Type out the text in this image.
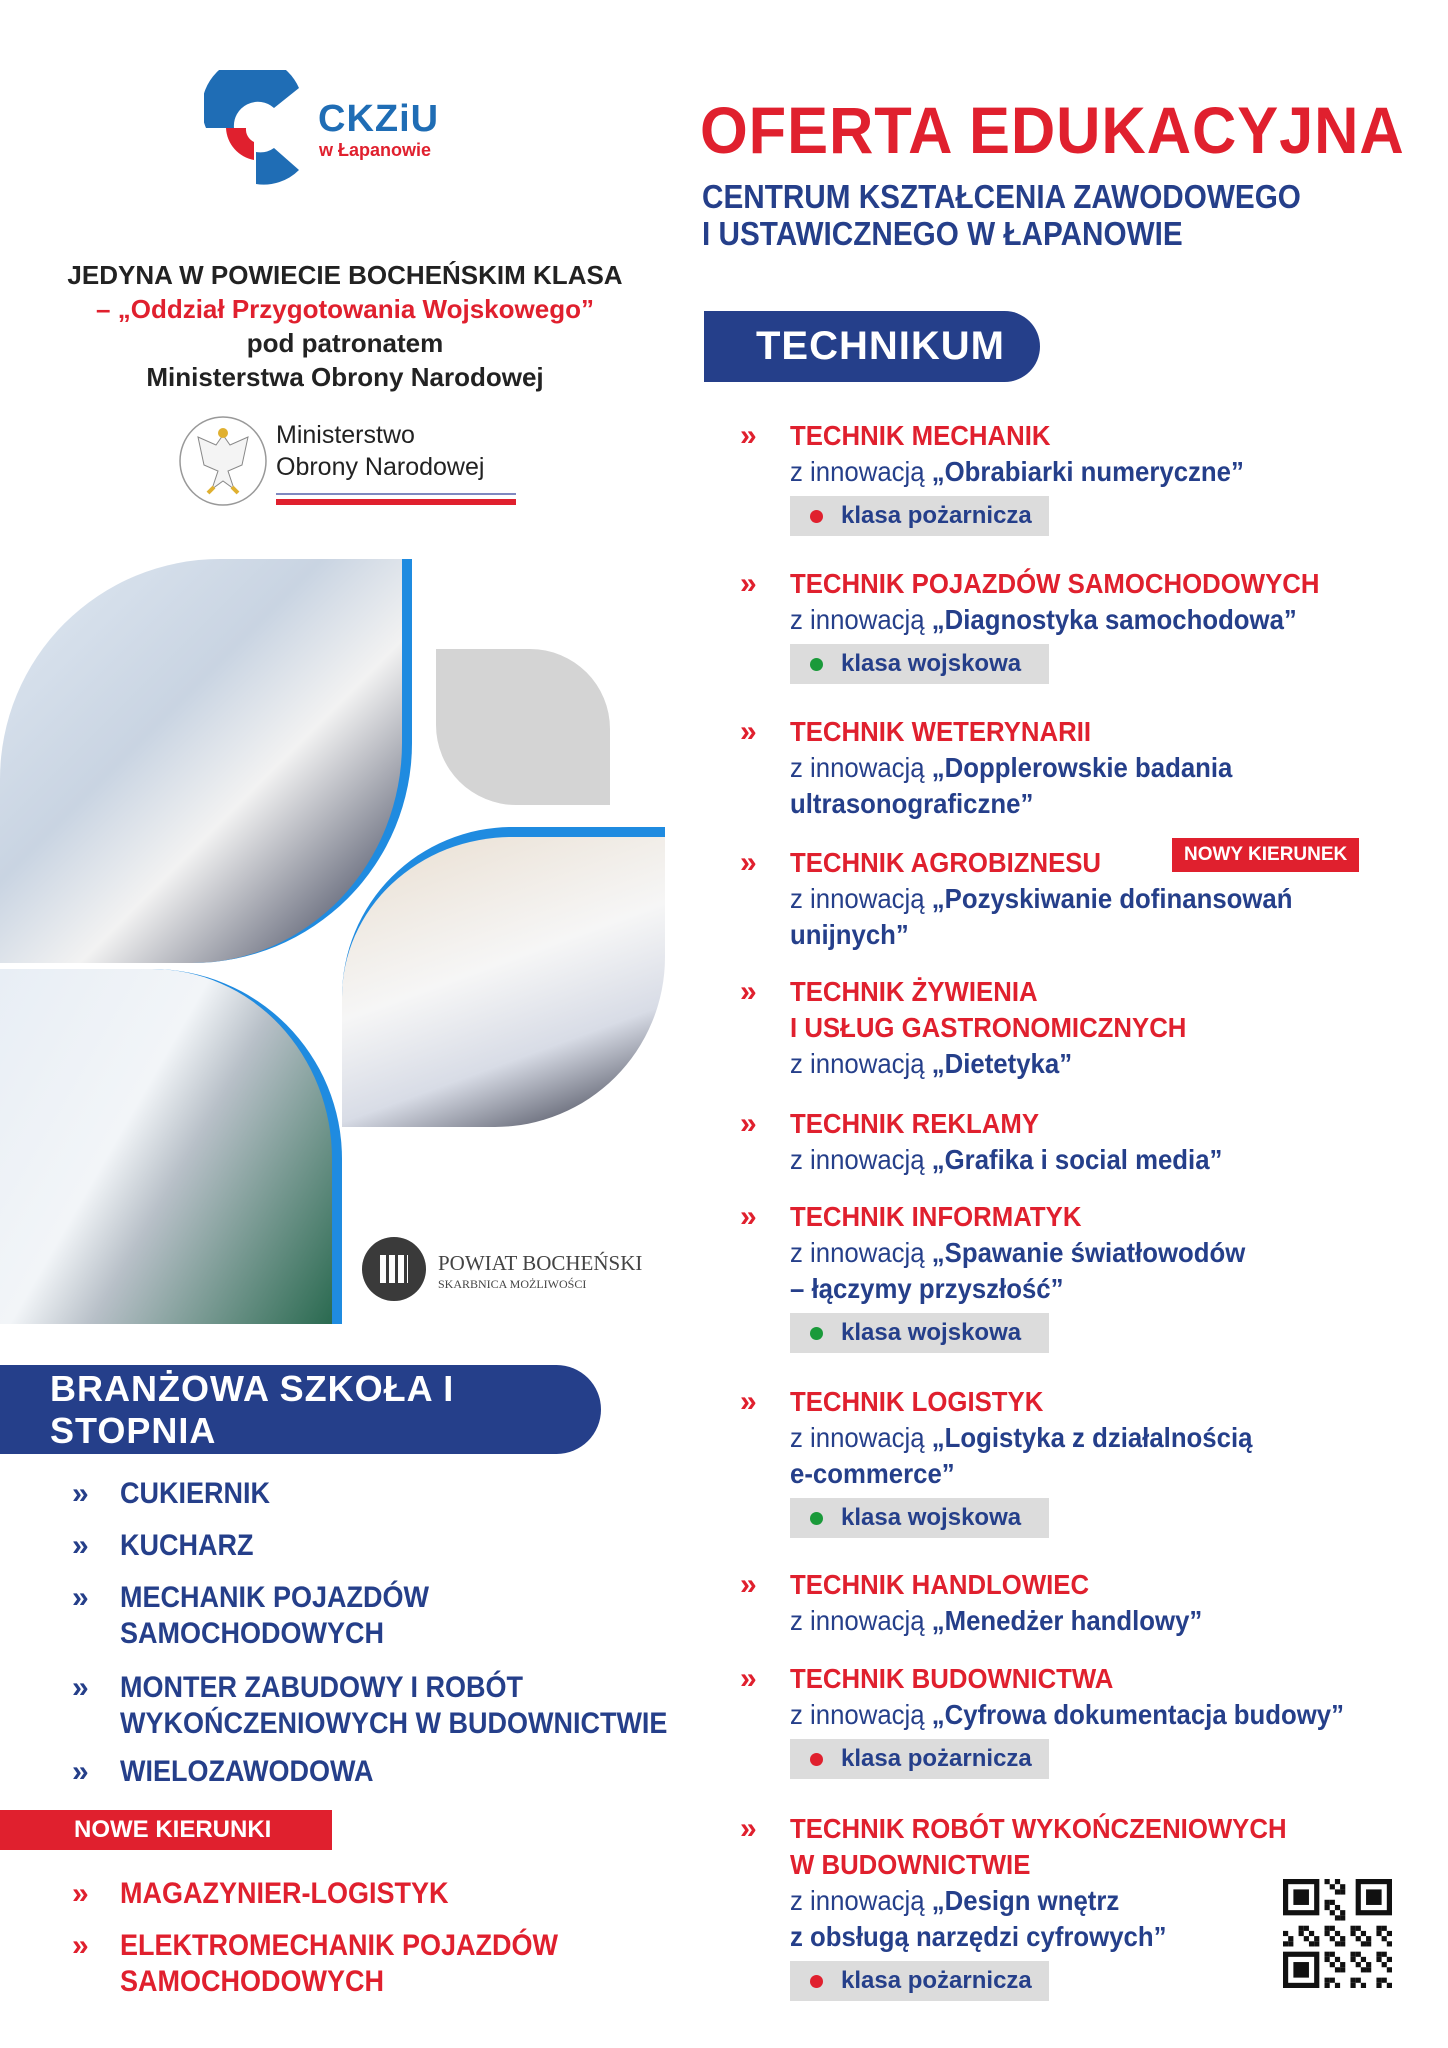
CKZiU
w Łapanowie	OFERTA EDUKACYJNA
CENTRUM KSZTAŁCENIA ZAWODOWEGO
I USTAWICZNEGO W ŁAPANOWIE
JEDYNA W POWIECIE BOCHEŃSKIM KLASA
– „Oddział Przygotowania Wojskowego”
pod patronatem
Ministerstwa Obrony Narodowej
Ministerstwo
Obrony Narodowej
POWIAT BOCHEŃSKI
SKARBNICA MOŻLIWOŚCI
TECHNIKUM
» TECHNIK MECHANIK
z innowacją „Obrabiarki numeryczne”
klasa pożarnicza
» TECHNIK POJAZDÓW SAMOCHODOWYCH
z innowacją „Diagnostyka samochodowa”
klasa wojskowa
» TECHNIK WETERYNARII
z innowacją „Dopplerowskie badania
ultrasonograficzne”
» TECHNIK AGROBIZNESU
z innowacją „Pozyskiwanie dofinansowań
unijnych”
NOWY KIERUNEK
» TECHNIK ŻYWIENIA
I USŁUG GASTRONOMICZNYCH
z innowacją „Dietetyka”
» TECHNIK REKLAMY
z innowacją „Grafika i social media”
» TECHNIK INFORMATYK
z innowacją „Spawanie światłowodów
– łączymy przyszłość”
klasa wojskowa
» TECHNIK LOGISTYK
z innowacją „Logistyka z działalnością
e-commerce”
klasa wojskowa
» TECHNIK HANDLOWIEC
z innowacją „Menedżer handlowy”
» TECHNIK BUDOWNICTWA
z innowacją „Cyfrowa dokumentacja budowy”
klasa pożarnicza
» TECHNIK ROBÓT WYKOŃCZENIOWYCH
W BUDOWNICTWIE
z innowacją „Design wnętrz
z obsługą narzędzi cyfrowych”
klasa pożarnicza
BRANŻOWA SZKOŁA I STOPNIA
» CUKIERNIK
» KUCHARZ
» MECHANIK POJAZDÓW
SAMOCHODOWYCH
» MONTER ZABUDOWY I ROBÓT
WYKOŃCZENIOWYCH W BUDOWNICTWIE
» WIELOZAWODOWA
NOWE KIERUNKI
» MAGAZYNIER-LOGISTYK
» ELEKTROMECHANIK POJAZDÓW
SAMOCHODOWYCH
